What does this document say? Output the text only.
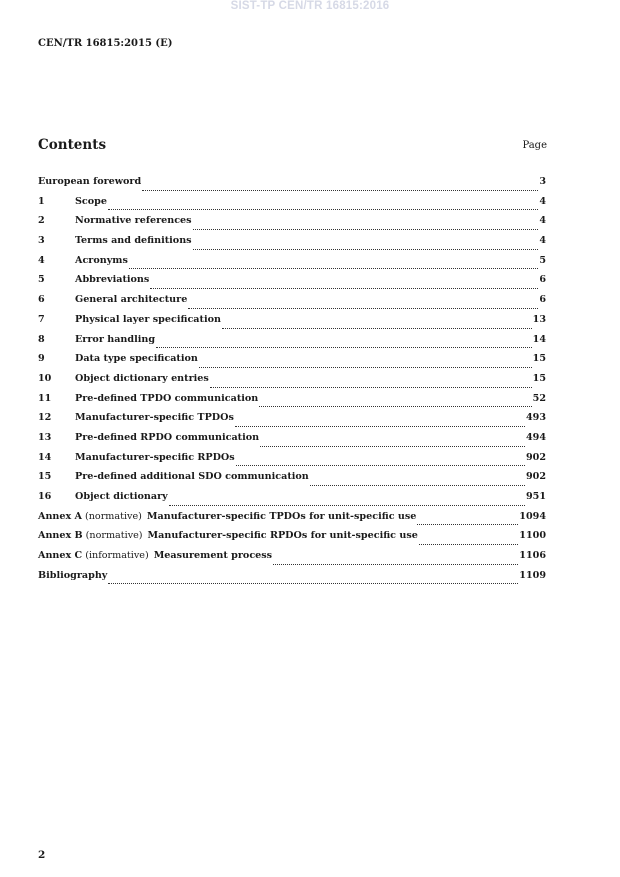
SIST-TP CEN/TR 16815:2016
CEN/TR 16815:2015 (E)
Contents	Page
European foreword	3
1	Scope	4
2	Normative references	4
3	Terms and definitions	4
4	Acronyms	5
5	Abbreviations	6
6	General architecture	6
7	Physical layer specification	13
8	Error handling	14
9	Data type specification	15
10	Object dictionary entries	15
11	Pre-defined TPDO communication	52
12	Manufacturer-specific TPDOs	493
13	Pre-defined RPDO communication	494
14	Manufacturer-specific RPDOs	902
15	Pre-defined additional SDO communication	902
16	Object dictionary	951
Annex A (normative) Manufacturer-specific TPDOs for unit-specific use	1094
Annex B (normative) Manufacturer-specific RPDOs for unit-specific use	1100
Annex C (informative) Measurement process	1106
Bibliography	1109
2
